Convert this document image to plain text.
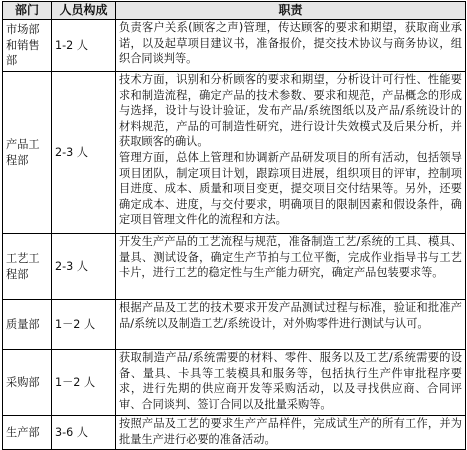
部门	人员构成	职责
市场部和销售部	1-2 人	负责客户关系(顾客之声)管理，传达顾客的要求和期望，获取商业承诺，以及起草项目建议书，准备报价，提交技术协议与商务协议，组织合同谈判等。

产品工程部	2-3 人	技术方面，识别和分析顾客的要求和期望，分析设计可行性、性能要求和制造流程，确定产品的技术参数、要求和规范，产品概念的形成与选择，设计与设计验证，发布产品/系统图纸以及产品/系统设计的材料规范，产品的可制造性研究，进行设计失效模式及后果分析，并获取顾客的确认。
管理方面，总体上管理和协调新产品研发项目的所有活动，包括领导项目团队，制定项目计划，跟踪项目进展，组织项目的评审，控制项目进度、成本、质量和项目变更，提交项目交付结果等。另外，还要确定成本、进度，与交付要求，明确项目的限制因素和假设条件，确定项目管理文件化的流程和方法。

工艺工程部	2-3 人	开发生产产品的工艺流程与规范，准备制造工艺/系统的工具、模具、量具、测试设备，确定生产节拍与工位平衡，完成作业指导书与工艺卡片，进行工艺的稳定性与生产能力研究，确定产品包装要求等。

质量部	1－2 人	根据产品及工艺的技术要求开发产品测试过程与标准，验证和批准产品/系统以及制造工艺/系统设计，对外购零件进行测试与认可。

采购部	1－2 人	获取制造产品/系统需要的材料、零件、服务以及工艺/系统需要的设备、量具、卡具等工装模具和服务等，包括执行生产件审批程序要求，进行先期的供应商开发等采购活动，以及寻找供应商、合同评审、合同谈判、签订合同以及批量采购等。

生产部	3-6 人	按照产品及工艺的要求生产产品样件，完成试生产的所有工作，并为批量生产进行必要的准备活动。
